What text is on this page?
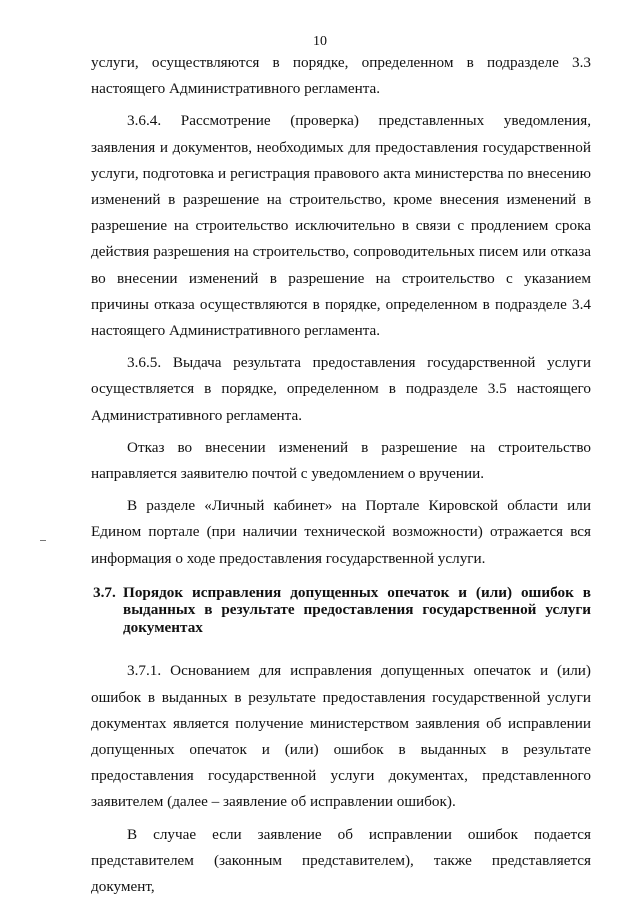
10

услуги, осуществляются в порядке, определенном в подразделе 3.3 настоящего Административного регламента.

3.6.4. Рассмотрение (проверка) представленных уведомления, заявления и документов, необходимых для предоставления государственной услуги, подготовка и регистрация правового акта министерства по внесению изменений в разрешение на строительство, кроме внесения изменений в разрешение на строительство исключительно в связи с продлением срока действия разрешения на строительство, сопроводительных писем или отказа во внесении изменений в разрешение на строительство с указанием причины отказа осуществляются в порядке, определенном в подразделе 3.4 настоящего Административного регламента.

3.6.5. Выдача результата предоставления государственной услуги осуществляется в порядке, определенном в подразделе 3.5 настоящего Административного регламента.

Отказ во внесении изменений в разрешение на строительство направляется заявителю почтой с уведомлением о вручении.

В разделе «Личный кабинет» на Портале Кировской области или Едином портале (при наличии технической возможности) отражается вся информация о ходе предоставления государственной услуги.

3.7. Порядок исправления допущенных опечаток и (или) ошибок в выданных в результате предоставления государственной услуги документах

3.7.1. Основанием для исправления допущенных опечаток и (или) ошибок в выданных в результате предоставления государственной услуги документах является получение министерством заявления об исправлении допущенных опечаток и (или) ошибок в выданных в результате предоставления государственной услуги документах, представленного заявителем (далее – заявление об исправлении ошибок).

В случае если заявление об исправлении ошибок подается представителем (законным представителем), также представляется документ,
